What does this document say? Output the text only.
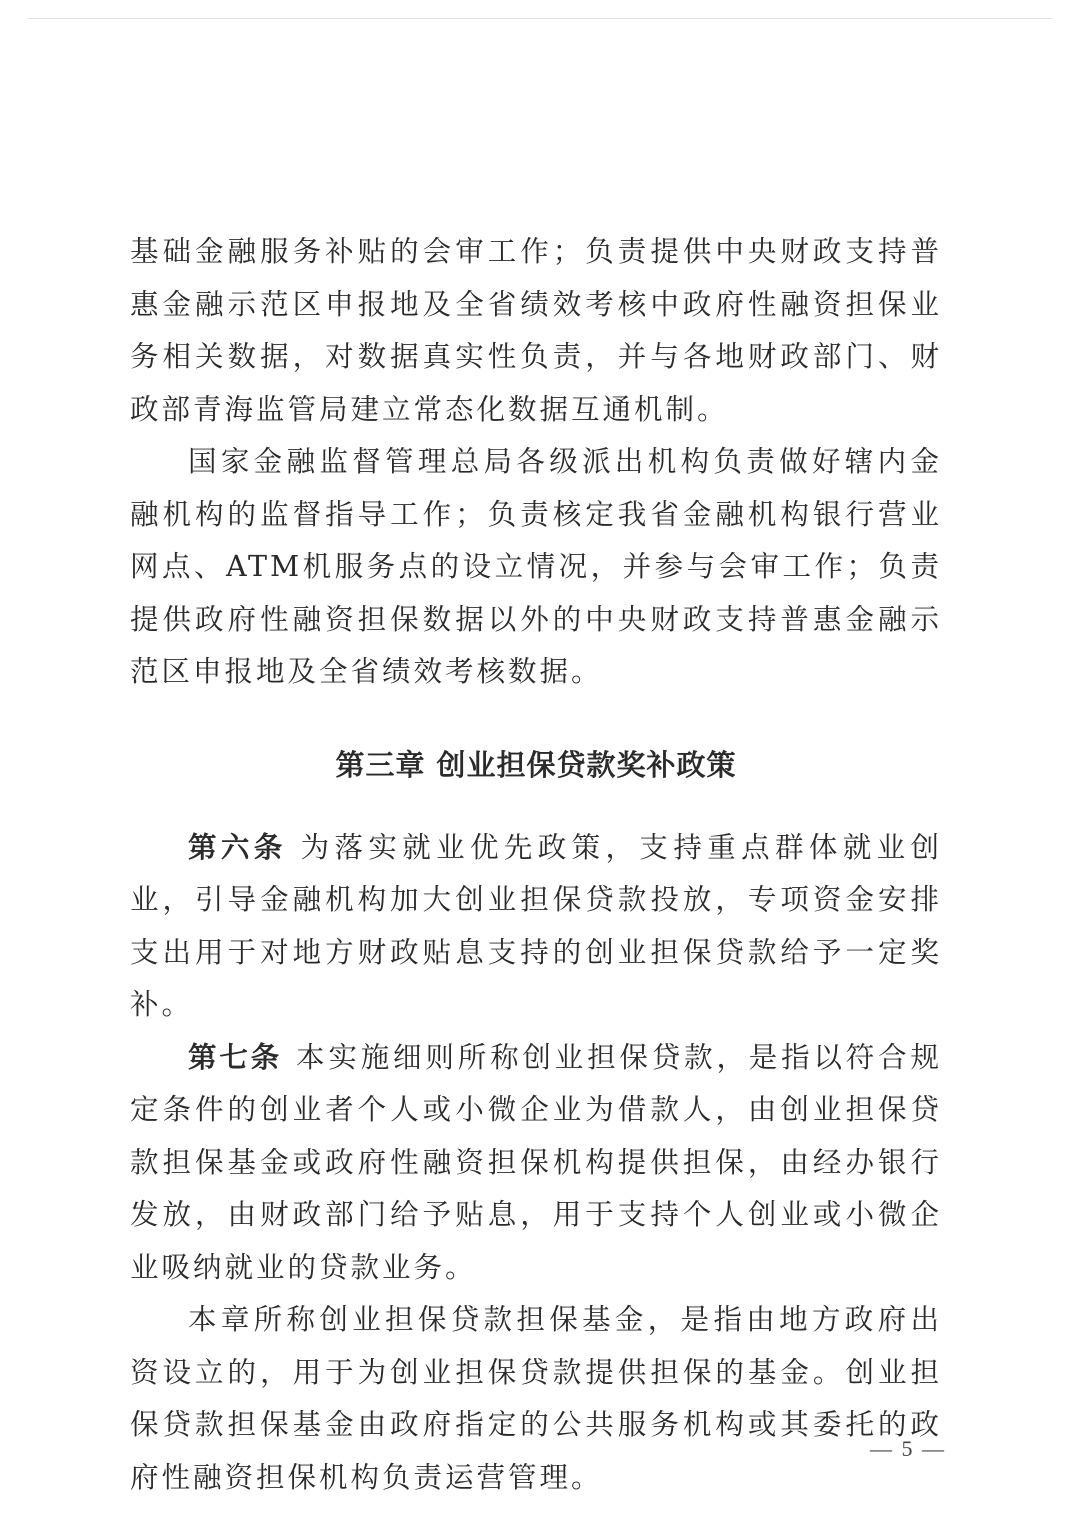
基础金融服务补贴的会审工作；负责提供中央财政支持普惠金融示范区申报地及全省绩效考核中政府性融资担保业务相关数据，对数据真实性负责，并与各地财政部门、财政部青海监管局建立常态化数据互通机制。

国家金融监督管理总局各级派出机构负责做好辖内金融机构的监督指导工作；负责核定我省金融机构银行营业网点、ATM机服务点的设立情况，并参与会审工作；负责提供政府性融资担保数据以外的中央财政支持普惠金融示范区申报地及全省绩效考核数据。

第三章 创业担保贷款奖补政策

第六条 为落实就业优先政策，支持重点群体就业创业，引导金融机构加大创业担保贷款投放，专项资金安排支出用于对地方财政贴息支持的创业担保贷款给予一定奖补。

第七条 本实施细则所称创业担保贷款，是指以符合规定条件的创业者个人或小微企业为借款人，由创业担保贷款担保基金或政府性融资担保机构提供担保，由经办银行发放，由财政部门给予贴息，用于支持个人创业或小微企业吸纳就业的贷款业务。

本章所称创业担保贷款担保基金，是指由地方政府出资设立的，用于为创业担保贷款提供担保的基金。创业担保贷款担保基金由政府指定的公共服务机构或其委托的政府性融资担保机构负责运营管理。

— 5 —
